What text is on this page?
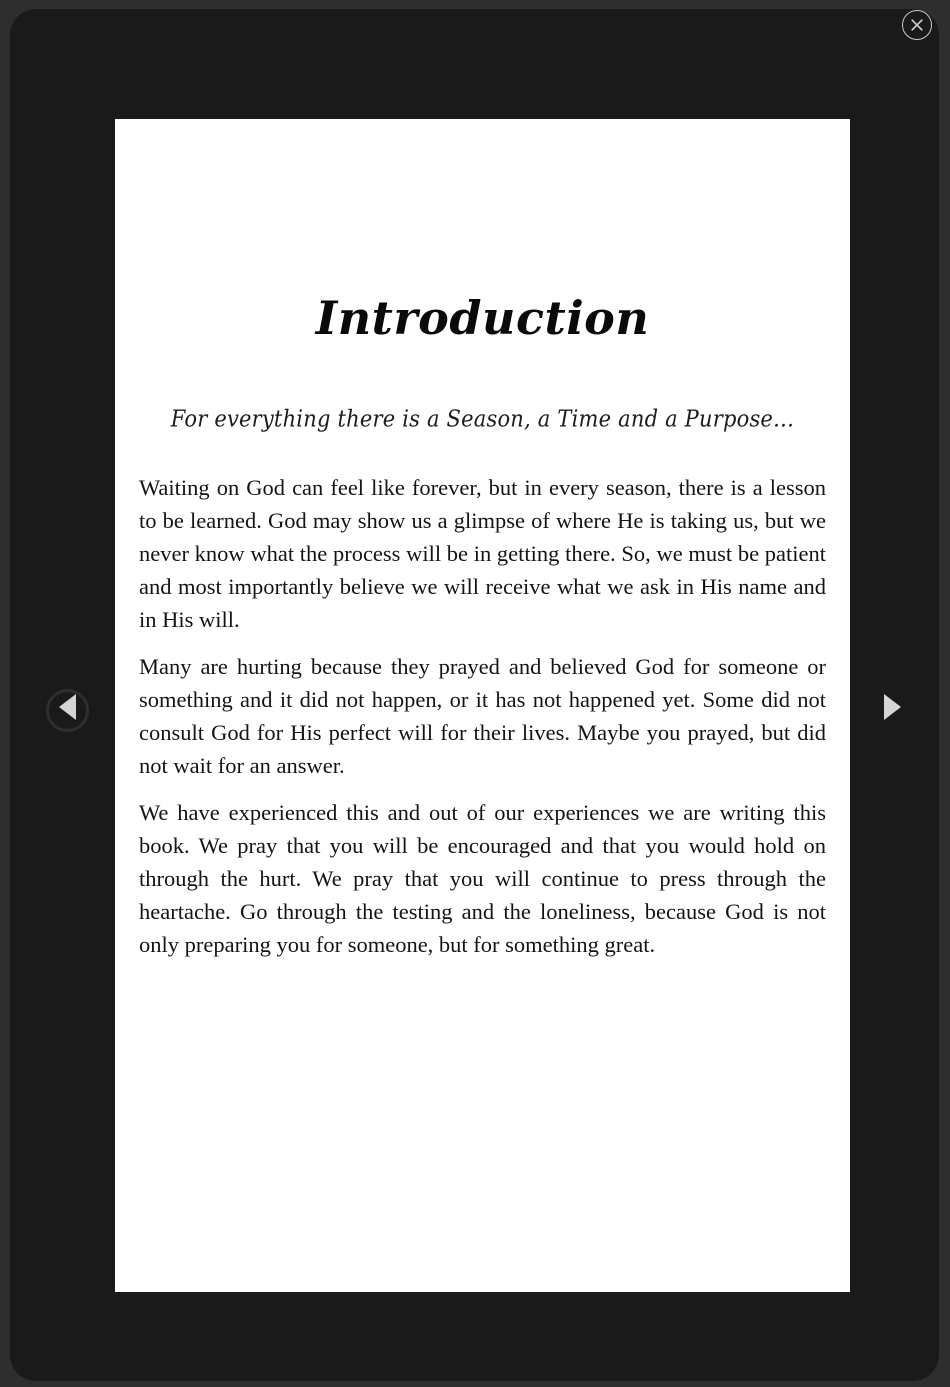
Introduction

For everything there is a Season, a Time and a Purpose…

Waiting on God can feel like forever, but in every season, there is a lesson to be learned. God may show us a glimpse of where He is taking us, but we never know what the process will be in getting there. So, we must be patient and most importantly believe we will receive what we ask in His name and in His will.

Many are hurting because they prayed and believed God for someone or something and it did not happen, or it has not happened yet. Some did not consult God for His perfect will for their lives. Maybe you prayed, but did not wait for an answer.

We have experienced this and out of our experiences we are writing this book. We pray that you will be encouraged and that you would hold on through the hurt. We pray that you will continue to press through the heartache. Go through the testing and the loneliness, because God is not only preparing you for someone, but for something great.
